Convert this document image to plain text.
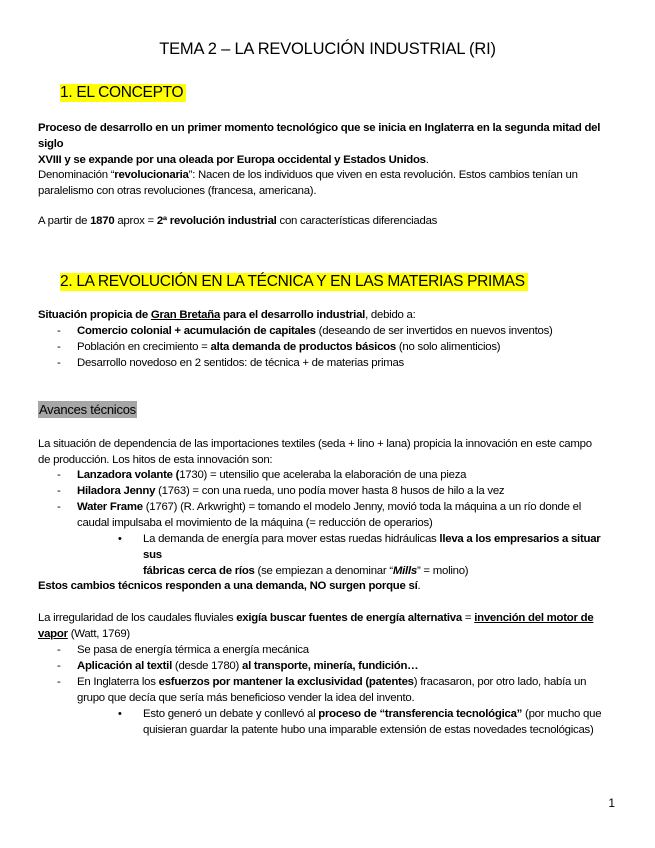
TEMA 2 – LA REVOLUCIÓN INDUSTRIAL (RI)
1. EL CONCEPTO
Proceso de desarrollo en un primer momento tecnológico que se inicia en Inglaterra en la segunda mitad del siglo
XVIII y se expande por una oleada por Europa occidental y Estados Unidos.
Denominación “revolucionaria”: Nacen de los individuos que viven en esta revolución. Estos cambios tenían un
paralelismo con otras revoluciones (francesa, americana).
A partir de 1870 aprox = 2ª revolución industrial con características diferenciadas
2. LA REVOLUCIÓN EN LA TÉCNICA Y EN LAS MATERIAS PRIMAS
Situación propicia de Gran Bretaña para el desarrollo industrial, debido a:
- Comercio colonial + acumulación de capitales (deseando de ser invertidos en nuevos inventos)
- Población en crecimiento = alta demanda de productos básicos (no solo alimenticios)
- Desarrollo novedoso en 2 sentidos: de técnica + de materias primas
Avances técnicos
La situación de dependencia de las importaciones textiles (seda + lino + lana) propicia la innovación en este campo
de producción. Los hitos de esta innovación son:
- Lanzadora volante (1730) = utensilio que aceleraba la elaboración de una pieza
- Hiladora Jenny (1763) = con una rueda, uno podía mover hasta 8 husos de hilo a la vez
- Water Frame (1767) (R. Arkwright) = tomando el modelo Jenny, movió toda la máquina a un río donde el
caudal impulsaba el movimiento de la máquina (= reducción de operarios)
• La demanda de energía para mover estas ruedas hidráulicas lleva a los empresarios a situar sus
fábricas cerca de ríos (se empiezan a denominar “Mills” = molino)
Estos cambios técnicos responden a una demanda, NO surgen porque sí.
La irregularidad de los caudales fluviales exigía buscar fuentes de energía alternativa = invención del motor de
vapor (Watt, 1769)
- Se pasa de energía térmica a energía mecánica
- Aplicación al textil (desde 1780) al transporte, minería, fundición…
- En Inglaterra los esfuerzos por mantener la exclusividad (patentes) fracasaron, por otro lado, había un
grupo que decía que sería más beneficioso vender la idea del invento.
• Esto generó un debate y conllevó al proceso de “transferencia tecnológica” (por mucho que
quisieran guardar la patente hubo una imparable extensión de estas novedades tecnológicas)
1
